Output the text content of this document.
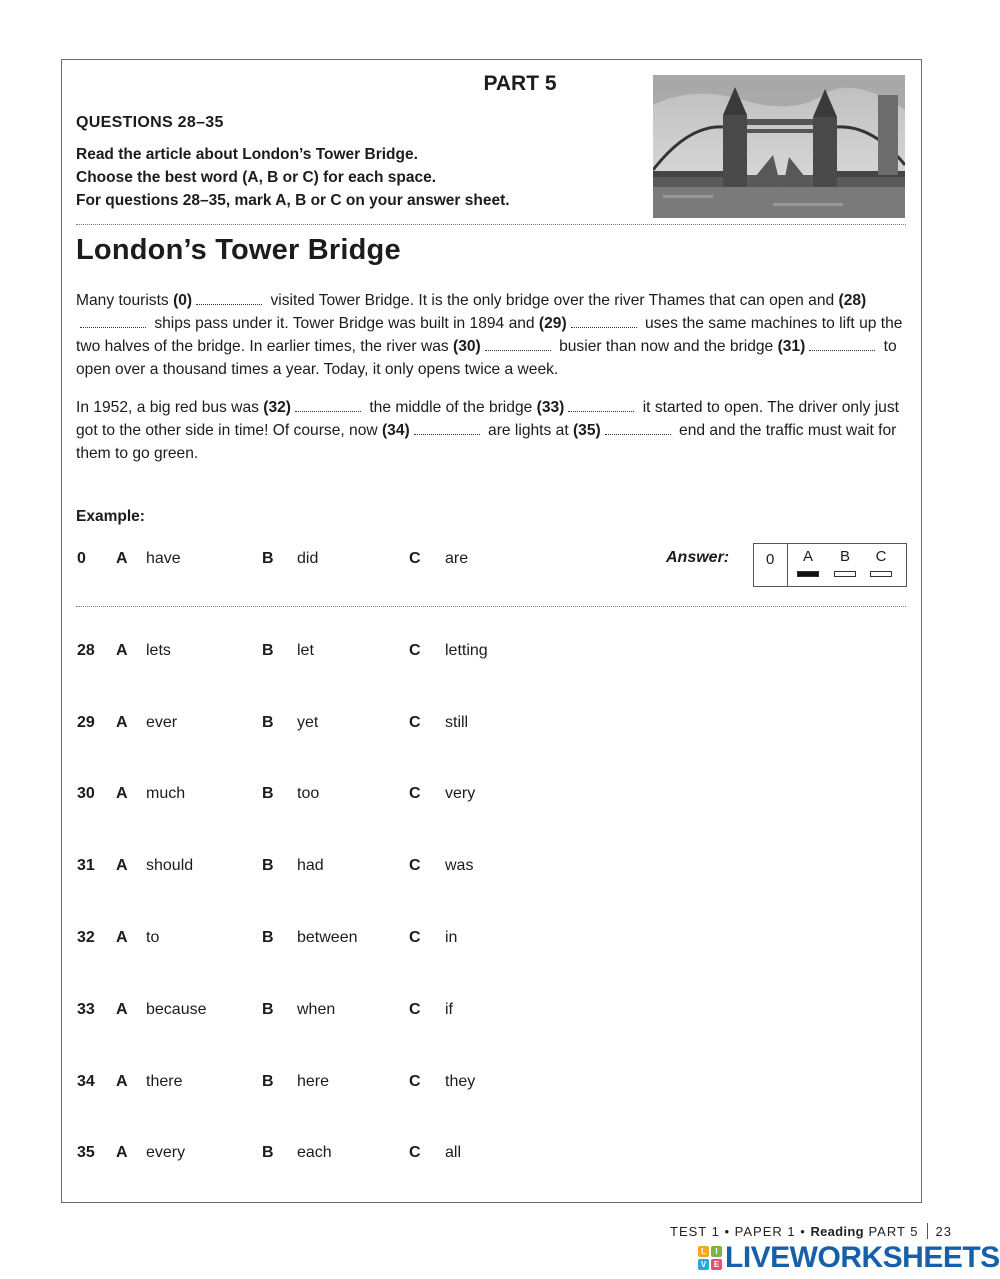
PART 5
QUESTIONS 28–35
Read the article about London’s Tower Bridge.
Choose the best word (A, B or C) for each space.
For questions 28–35, mark A, B or C on your answer sheet.
London’s Tower Bridge
Many tourists (0)	visited Tower Bridge. It is the only bridge over the river Thames that can open and (28) ships pass under it. Tower Bridge was built in 1894 and (29)	uses the same machines to lift up the two halves of the bridge. In earlier times, the river was (30)	busier than now and the bridge (31)	to open over a thousand times a year. Today, it only opens twice a week.
In 1952, a big red bus was (32)	the middle of the bridge (33)	it started to open. The driver only just got to the other side in time! Of course, now (34)	are lights at (35)	end and the traffic must wait for them to go green.
Example:
0 A have	B did	C are	Answer: 0	A	B	C
28 A lets	B let	C letting
29 A ever	B yet	C still
30 A much	B too	C very
31 A should	B had	C was
32 A to	B between	C in
33 A because	B when	C if
34 A there	B here	C they
35 A every	B each	C all
TEST 1 • PAPER 1 • Reading PART 5 23
L	I
V E LIVEWORKSHEETS
